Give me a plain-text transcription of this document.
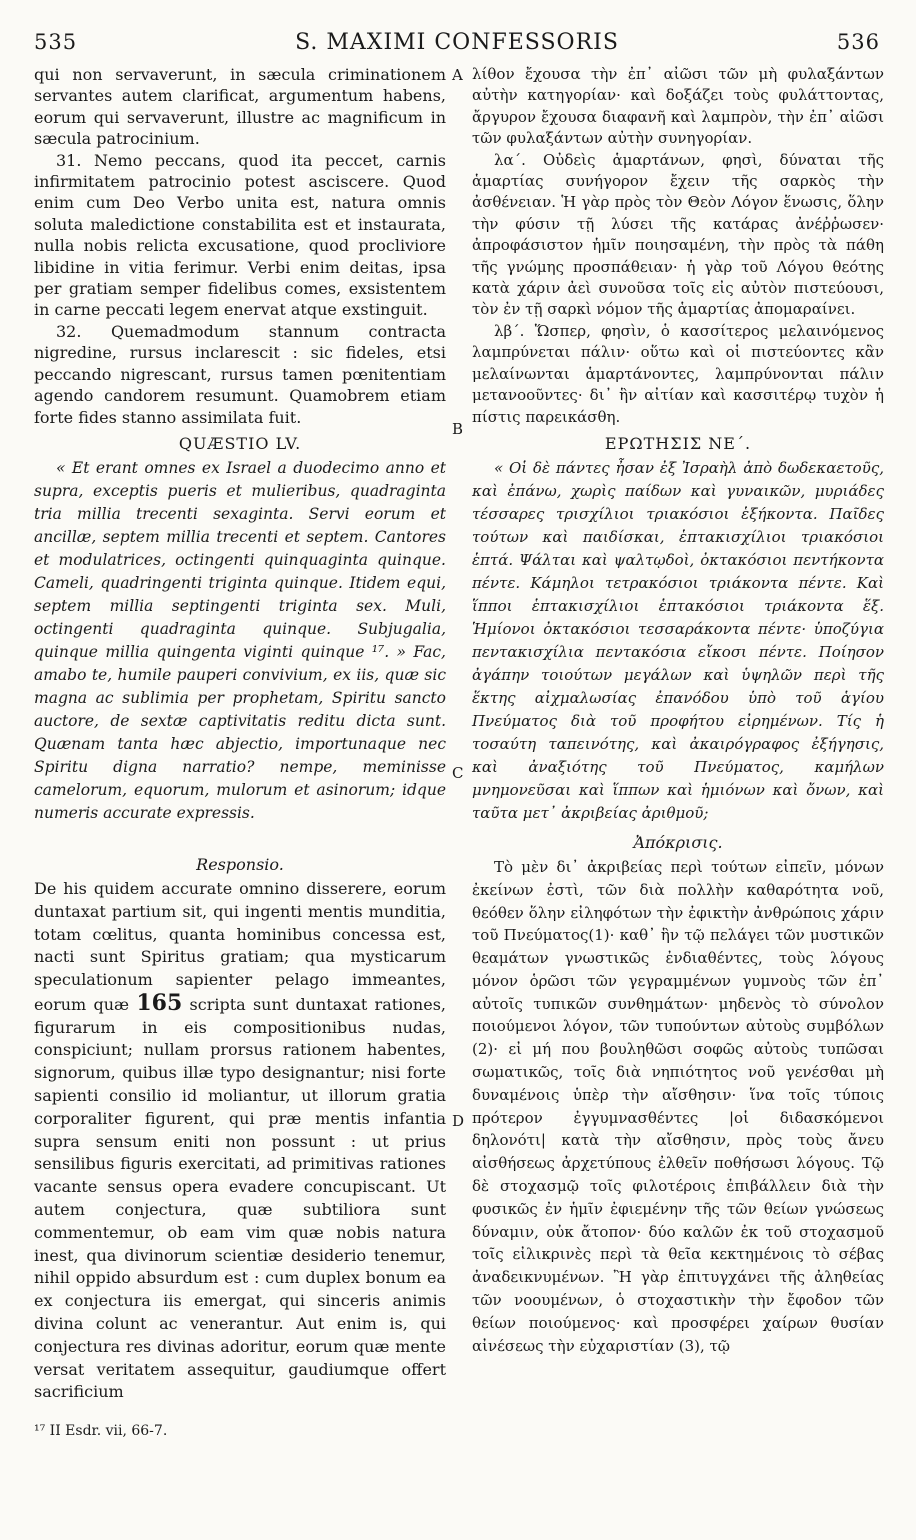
535	S. MAXIMI CONFESSORIS	536

qui non servaverunt, in sæcula criminationem servantes autem clarificat, argumentum habens, eorum qui servaverunt, illustre ac magnificum in sæcula patrocinium.

31. Nemo peccans, quod ita peccet, carnis infirmitatem patrocinio potest asciscere. Quod enim cum Deo Verbo unita est, natura omnis soluta maledictione constabilita est et instaurata, nulla nobis relicta excusatione, quod procliviore libidine in vitia ferimur. Verbi enim deitas, ipsa per gratiam semper fidelibus comes, exsistentem in carne peccati legem enervat atque exstinguit.

32. Quemadmodum stannum contracta nigredine, rursus inclarescit : sic fideles, etsi peccando nigrescant, rursus tamen pœnitentiam agendo candorem resumunt. Quamobrem etiam forte fides stanno assimilata fuit.

QUÆSTIO LV.

« Et erant omnes ex Israel a duodecimo anno et supra, exceptis pueris et mulieribus, quadraginta tria millia trecenti sexaginta. Servi eorum et ancillæ, septem millia trecenti et septem. Cantores et modulatrices, octingenti quinquaginta quinque. Cameli, quadringenti triginta quinque. Itidem equi, septem millia septingenti triginta sex. Muli, octingenti quadraginta quinque. Subjugalia, quinque millia quingenta viginti quinque ¹⁷. » Fac, amabo te, humile pauperi convivium, ex iis, quæ sic magna ac sublimia per prophetam, Spiritu sancto auctore, de sextæ captivitatis reditu dicta sunt. Quænam tanta hæc abjectio, importunaque nec Spiritu digna narratio? nempe, meminisse camelorum, equorum, mulorum et asinorum; idque numeris accurate expressis.

Responsio.

De his quidem accurate omnino disserere, eorum duntaxat partium sit, qui ingenti mentis munditia, totam cœlitus, quanta hominibus concessa est, nacti sunt Spiritus gratiam; qua mysticarum speculationum sapienter pelago immeantes, eorum quæ 165 scripta sunt duntaxat rationes, figurarum in eis compositionibus nudas, conspiciunt; nullam prorsus rationem habentes, signorum, quibus illæ typo designantur; nisi forte sapienti consilio id moliantur, ut illorum gratia corporaliter figurent, qui præ mentis infantia supra sensum eniti non possunt : ut prius sensilibus figuris exercitati, ad primitivas rationes vacante sensus opera evadere concupiscant. Ut autem conjectura, quæ subtiliora sunt commentemur, ob eam vim quæ nobis natura inest, qua divinorum scientiæ desiderio tenemur, nihil oppido absurdum est : cum duplex bonum ea ex conjectura iis emergat, qui sinceris animis divina colunt ac venerantur. Aut enim is, qui conjectura res divinas adoritur, eorum quæ mente versat veritatem assequitur, gaudiumque offert sacrificium

A
B
C
D

λίθον ἔχουσα τὴν ἐπ᾽ αἰῶσι τῶν μὴ φυλαξάντων αὐτὴν κατηγορίαν· καὶ δοξάζει τοὺς φυλάττοντας, ἄργυρον ἔχουσα διαφανῆ καὶ λαμπρὸν, τὴν ἐπ᾽ αἰῶσι τῶν φυλαξάντων αὐτὴν συνηγορίαν.

λα΄. Οὐδεὶς ἁμαρτάνων, φησὶ, δύναται τῆς ἁμαρτίας συνήγορον ἔχειν τῆς σαρκὸς τὴν ἀσθένειαν. Ἡ γὰρ πρὸς τὸν Θεὸν Λόγον ἕνωσις, ὅλην τὴν φύσιν τῇ λύσει τῆς κατάρας ἀνέῤῥωσεν· ἀπροφάσιστον ἡμῖν ποιησαμένη, τὴν πρὸς τὰ πάθη τῆς γνώμης προσπάθειαν· ἡ γὰρ τοῦ Λόγου θεότης κατὰ χάριν ἀεὶ συνοῦσα τοῖς εἰς αὐτὸν πιστεύουσι, τὸν ἐν τῇ σαρκὶ νόμον τῆς ἁμαρτίας ἀπομαραίνει.

λβ΄. Ὥσπερ, φησὶν, ὁ κασσίτερος μελαινόμενος λαμπρύνεται πάλιν· οὕτω καὶ οἱ πιστεύοντες κἂν μελαίνωνται ἁμαρτάνοντες, λαμπρύνονται πάλιν μετανοοῦντες· δι᾽ ἣν αἰτίαν καὶ κασσιτέρῳ τυχὸν ἡ πίστις παρεικάσθη.

ΕΡΩΤΗΣΙΣ ΝΕ΄.

« Οἱ δὲ πάντες ἦσαν ἐξ Ἰσραὴλ ἀπὸ δωδεκαετοῦς, καὶ ἐπάνω, χωρὶς παίδων καὶ γυναικῶν, μυριάδες τέσσαρες τρισχίλιοι τριακόσιοι ἑξήκοντα. Παῖδες τούτων καὶ παιδίσκαι, ἑπτακισχίλιοι τριακόσιοι ἑπτά. Ψάλται καὶ ψαλτῳδοὶ, ὀκτακόσιοι πεντήκοντα πέντε. Κάμηλοι τετρακόσιοι τριάκοντα πέντε. Καὶ ἵπποι ἑπτακισχίλιοι ἑπτακόσιοι τριάκοντα ἕξ. Ἡμίονοι ὀκτακόσιοι τεσσαράκοντα πέντε· ὑποζύγια πεντακισχίλια πεντακόσια εἴκοσι πέντε. Ποίησον ἀγάπην τοιούτων μεγάλων καὶ ὑψηλῶν περὶ τῆς ἕκτης αἰχμαλωσίας ἐπανόδου ὑπὸ τοῦ ἁγίου Πνεύματος διὰ τοῦ προφήτου εἰρημένων. Τίς ἡ τοσαύτη ταπεινότης, καὶ ἀκαιρόγραφος ἐξήγησις, καὶ ἀναξιότης τοῦ Πνεύματος, καμήλων μνημονεῦσαι καὶ ἵππων καὶ ἡμιόνων καὶ ὄνων, καὶ ταῦτα μετ᾽ ἀκριβείας ἀριθμοῦ;

Ἀπόκρισις.

Τὸ μὲν δι᾽ ἀκριβείας περὶ τούτων εἰπεῖν, μόνων ἐκείνων ἐστὶ, τῶν διὰ πολλὴν καθαρότητα νοῦ, θεόθεν ὅλην εἰληφότων τὴν ἐφικτὴν ἀνθρώποις χάριν τοῦ Πνεύματος(1)· καθ᾽ ἣν τῷ πελάγει τῶν μυστικῶν θεαμάτων γνωστικῶς ἐνδιαθέντες, τοὺς λόγους μόνον ὁρῶσι τῶν γεγραμμένων γυμνοὺς τῶν ἐπ᾽ αὐτοῖς τυπικῶν συνθημάτων· μηδενὸς τὸ σύνολον ποιούμενοι λόγον, τῶν τυπούντων αὐτοὺς συμβόλων (2)· εἰ μή που βουληθῶσι σοφῶς αὐτοὺς τυπῶσαι σωματικῶς, τοῖς διὰ νηπιότητος νοῦ γενέσθαι μὴ δυναμένοις ὑπὲρ τὴν αἴσθησιν· ἵνα τοῖς τύποις πρότερον ἐγγυμνασθέντες |οἱ διδασκόμενοι δηλονότι| κατὰ τὴν αἴσθησιν, πρὸς τοὺς ἄνευ αἰσθήσεως ἀρχετύπους ἐλθεῖν ποθήσωσι λόγους. Τῷ δὲ στοχασμῷ τοῖς φιλοτέροις ἐπιβάλλειν διὰ τὴν φυσικῶς ἐν ἡμῖν ἐφιεμένην τῆς τῶν θείων γνώσεως δύναμιν, οὐκ ἄτοπον· δύο καλῶν ἐκ τοῦ στοχασμοῦ τοῖς εἰλικρινὲς περὶ τὰ θεῖα κεκτημένοις τὸ σέβας ἀναδεικνυμένων. Ἢ γὰρ ἐπιτυγχάνει τῆς ἀληθείας τῶν νοουμένων, ὁ στοχαστικὴν τὴν ἔφοδον τῶν θείων ποιούμενος· καὶ προσφέρει χαίρων θυσίαν αἰνέσεως τὴν εὐχαριστίαν (3), τῷ

¹⁷ II Esdr. vii, 66-7.
